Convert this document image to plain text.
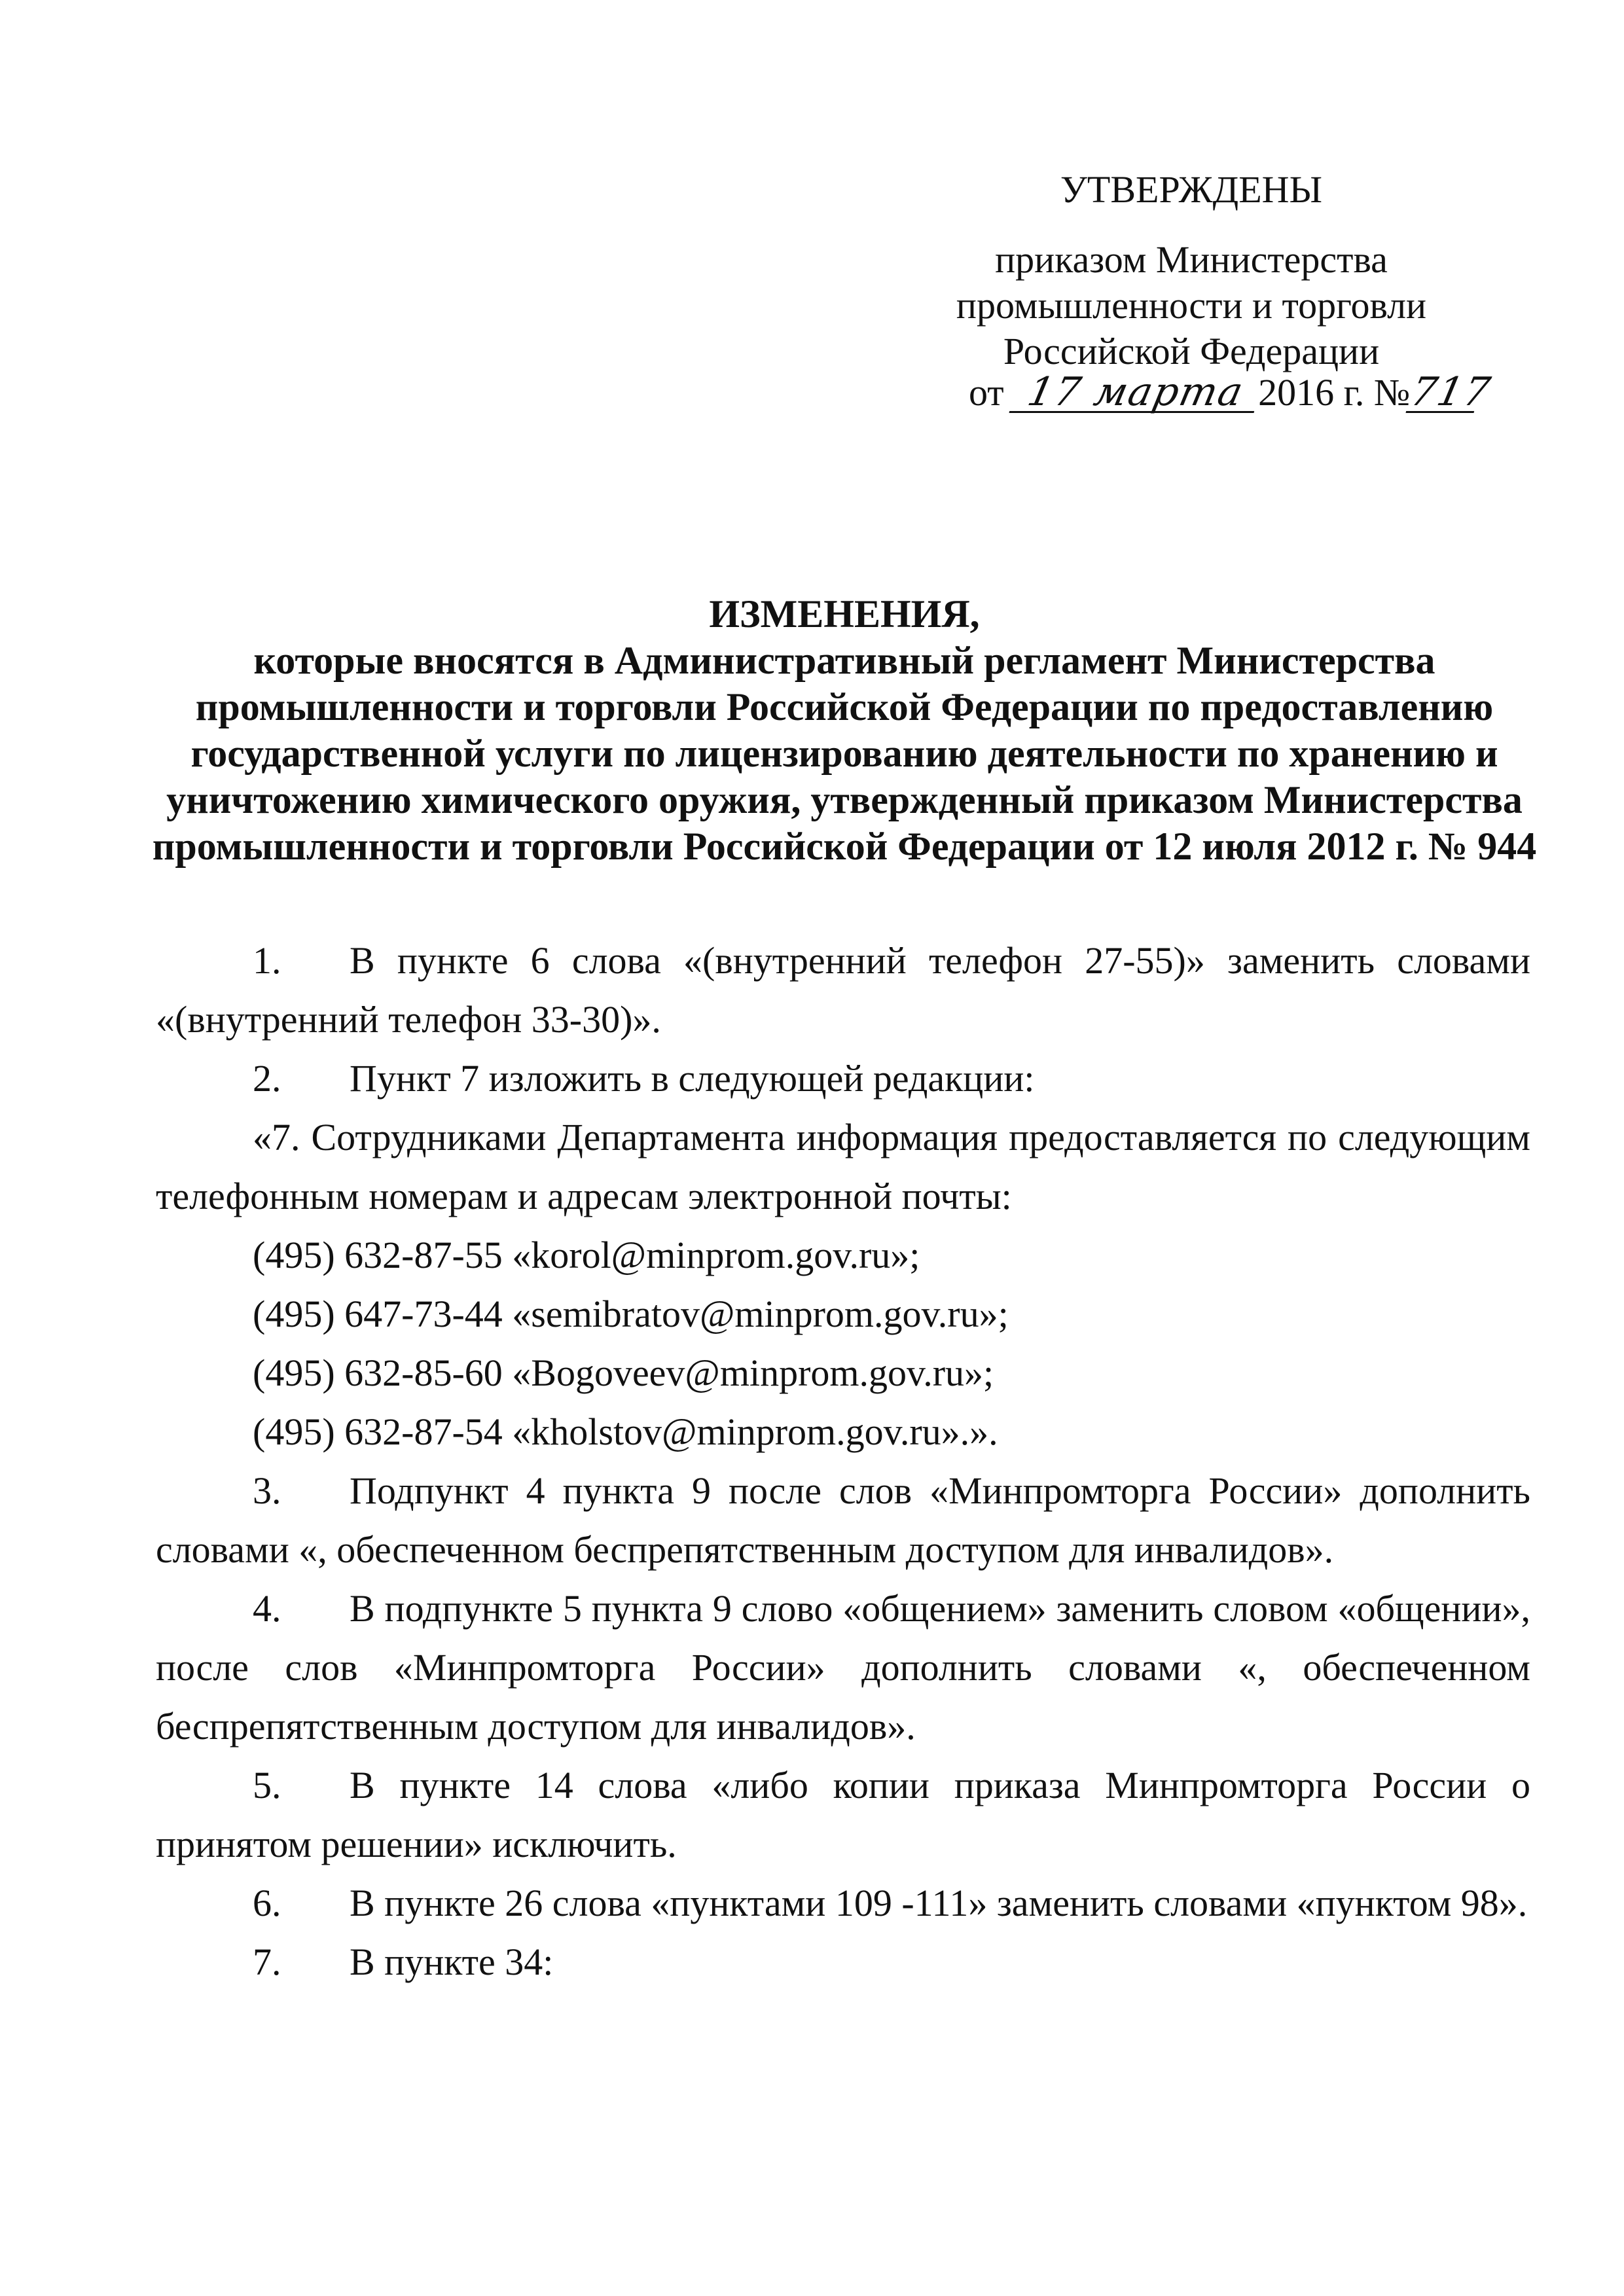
УТВЕРЖДЕНЫ
приказом Министерства
промышленности и торговли
Российской Федерации
от 17 марта 2016 г. №717
ИЗМЕНЕНИЯ,
которые вносятся в Административный регламент Министерства промышленности и торговли Российской Федерации по предоставлению государственной услуги по лицензированию деятельности по хранению и уничтожению химического оружия, утвержденный приказом Министерства промышленности и торговли Российской Федерации от 12 июля 2012 г. № 944
1. В пункте 6 слова «(внутренний телефон 27-55)» заменить словами
«(внутренний телефон 33-30)».
2. Пункт 7 изложить в следующей редакции:
«7. Сотрудниками Департамента информация предоставляется по следующим
телефонным номерам и адресам электронной почты:
(495) 632-87-55 «korol@minprom.gov.ru»;
(495) 647-73-44 «semibratov@minprom.gov.ru»;
(495) 632-85-60 «Bogoveev@minprom.gov.ru»;
(495) 632-87-54 «kholstov@minprom.gov.ru».».
3. Подпункт 4 пункта 9 после слов «Минпромторга России» дополнить
словами «, обеспеченном беспрепятственным доступом для инвалидов».
4. В подпункте 5 пункта 9 слово «общением» заменить словом «общении»,
после слов «Минпромторга России» дополнить словами «, обеспеченном
беспрепятственным доступом для инвалидов».
5. В пункте 14 слова «либо копии приказа Минпромторга России о
принятом решении» исключить.
6. В пункте 26 слова «пунктами 109 -111» заменить словами «пунктом 98».
7. В пункте 34:
